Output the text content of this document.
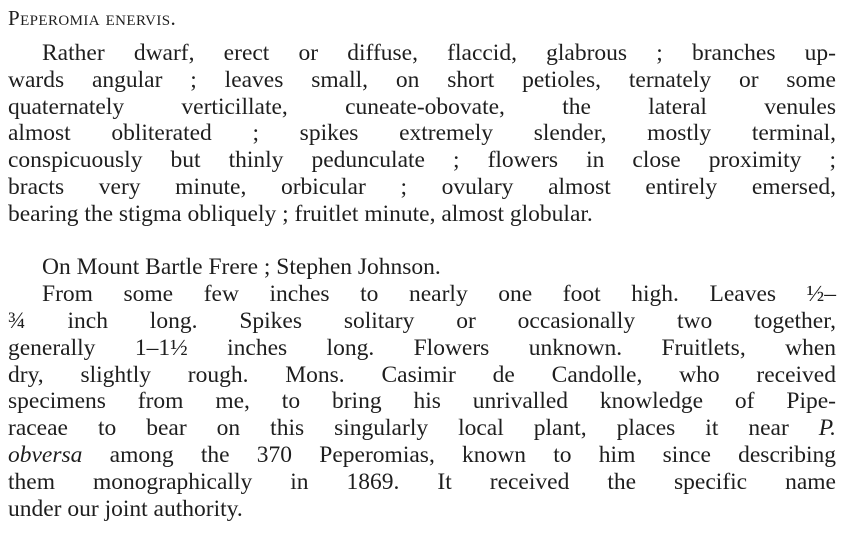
Peperomia enervis.
Rather dwarf, erect or diffuse, flaccid, glabrous ; branches up-
wards angular ; leaves small, on short petioles, ternately or some
quaternately verticillate, cuneate-obovate, the lateral venules
almost obliterated ; spikes extremely slender, mostly terminal,
conspicuously but thinly pedunculate ; flowers in close proximity ;
bracts very minute, orbicular ; ovulary almost entirely emersed,
bearing the stigma obliquely ; fruitlet minute, almost globular.
On Mount Bartle Frere ; Stephen Johnson.
From some few inches to nearly one foot high. Leaves ½–
¾ inch long. Spikes solitary or occasionally two together,
generally 1–1½ inches long. Flowers unknown. Fruitlets, when
dry, slightly rough. Mons. Casimir de Candolle, who received
specimens from me, to bring his unrivalled knowledge of Pipe-
raceae to bear on this singularly local plant, places it near P.
obversa among the 370 Peperomias, known to him since describing
them monographically in 1869. It received the specific name
under our joint authority.
